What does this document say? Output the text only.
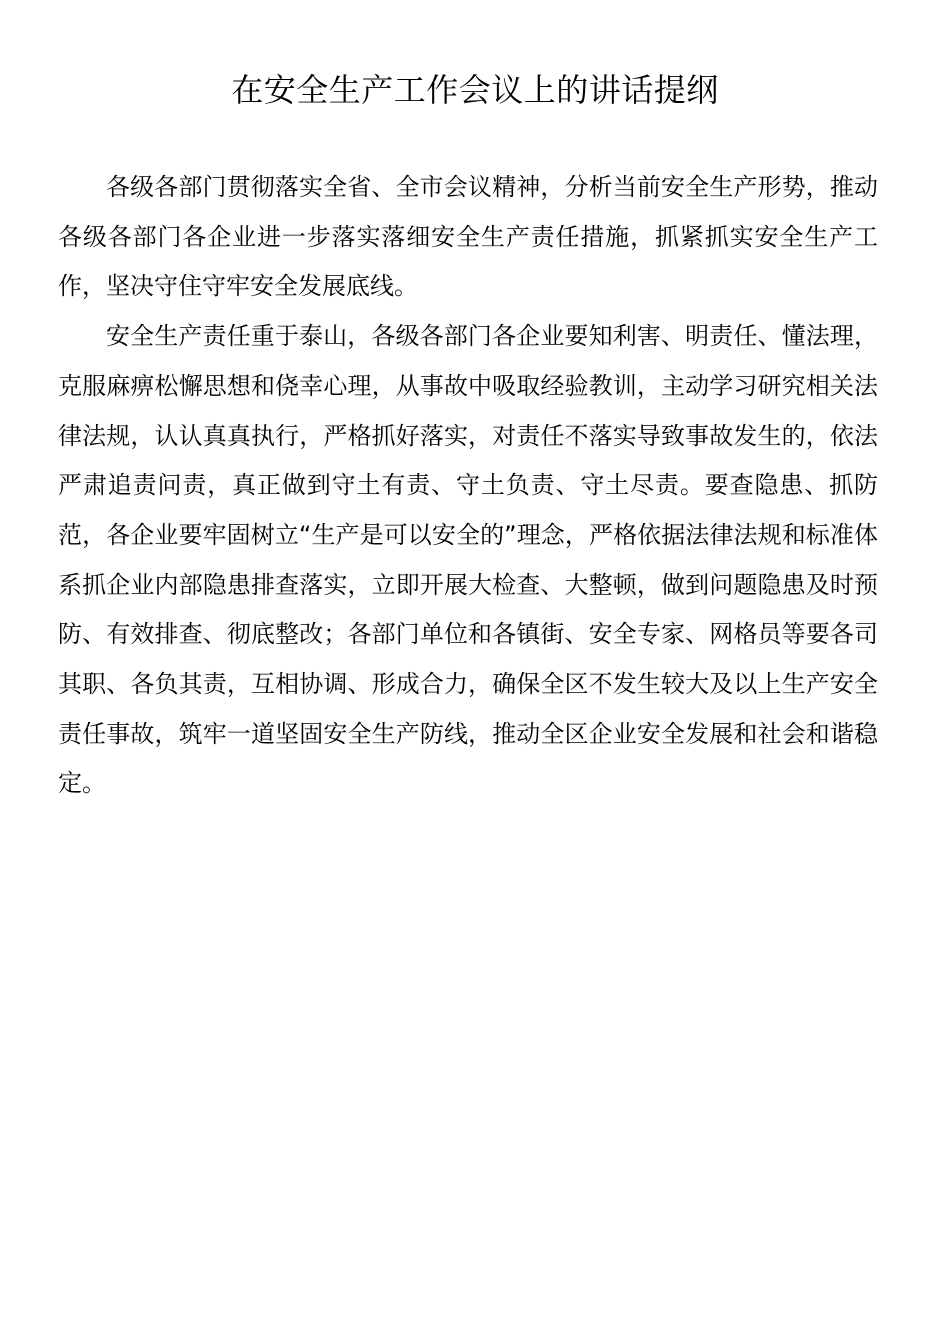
在安全生产工作会议上的讲话提纲

各级各部门贯彻落实全省、全市会议精神，分析当前安全生产形势，推动各级各部门各企业进一步落实落细安全生产责任措施，抓紧抓实安全生产工作，坚决守住守牢安全发展底线。

安全生产责任重于泰山，各级各部门各企业要知利害、明责任、懂法理，克服麻痹松懈思想和侥幸心理，从事故中吸取经验教训，主动学习研究相关法律法规，认认真真执行，严格抓好落实，对责任不落实导致事故发生的，依法严肃追责问责，真正做到守土有责、守土负责、守土尽责。要查隐患、抓防范，各企业要牢固树立“生产是可以安全的”理念，严格依据法律法规和标准体系抓企业内部隐患排查落实，立即开展大检查、大整顿，做到问题隐患及时预防、有效排查、彻底整改；各部门单位和各镇街、安全专家、网格员等要各司其职、各负其责，互相协调、形成合力，确保全区不发生较大及以上生产安全责任事故，筑牢一道坚固安全生产防线，推动全区企业安全发展和社会和谐稳定。
